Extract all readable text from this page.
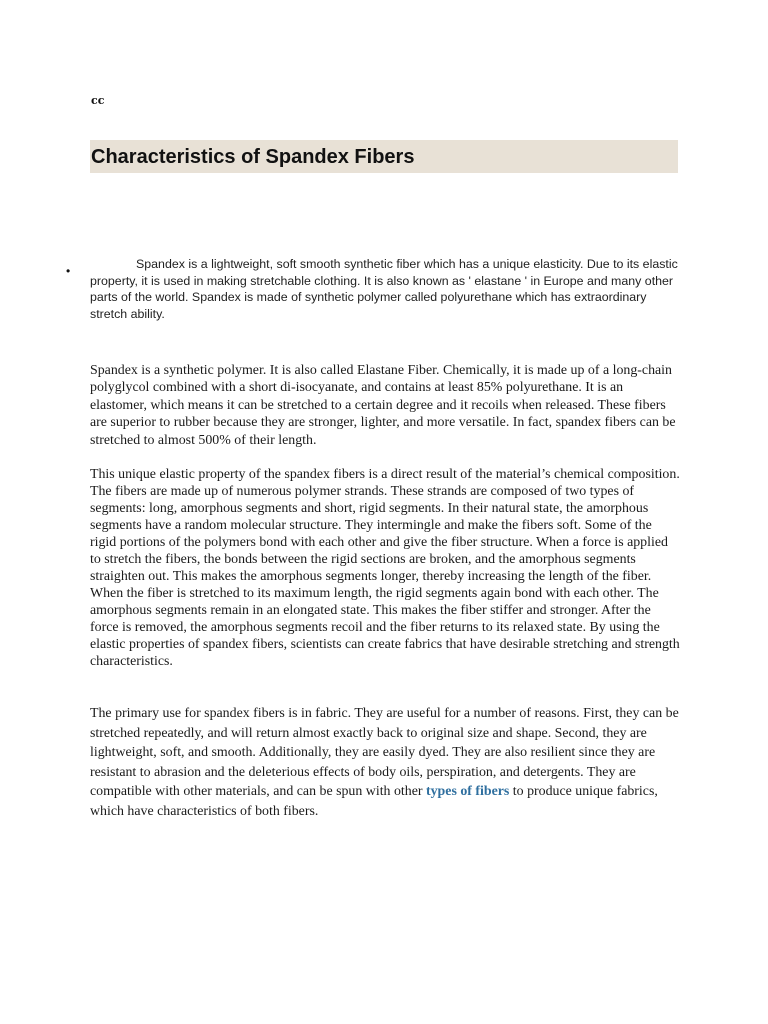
cc
Characteristics of Spandex Fibers
•	Spandex is a lightweight, soft smooth synthetic fiber which has a unique elasticity. Due to its elastic property, it is used in making stretchable clothing. It is also known as ' elastane ' in Europe and many other parts of the world. Spandex is made of synthetic polymer called polyurethane which has extraordinary stretch ability.

Spandex is a synthetic polymer. It is also called Elastane Fiber. Chemically, it is made up of a long-chain polyglycol combined with a short di-isocyanate, and contains at least 85% polyurethane. It is an elastomer, which means it can be stretched to a certain degree and it recoils when released. These fibers are superior to rubber because they are stronger, lighter, and more versatile. In fact, spandex fibers can be stretched to almost 500% of their length.

This unique elastic property of the spandex fibers is a direct result of the material’s chemical composition. The fibers are made up of numerous polymer strands. These strands are composed of two types of segments: long, amorphous segments and short, rigid segments. In their natural state, the amorphous segments have a random molecular structure. They intermingle and make the fibers soft. Some of the rigid portions of the polymers bond with each other and give the fiber structure. When a force is applied to stretch the fibers, the bonds between the rigid sections are broken, and the amorphous segments straighten out. This makes the amorphous segments longer, thereby increasing the length of the fiber. When the fiber is stretched to its maximum length, the rigid segments again bond with each other. The amorphous segments remain in an elongated state. This makes the fiber stiffer and stronger. After the force is removed, the amorphous segments recoil and the fiber returns to its relaxed state. By using the elastic properties of spandex fibers, scientists can create fabrics that have desirable stretching and strength characteristics.

The primary use for spandex fibers is in fabric. They are useful for a number of reasons. First, they can be stretched repeatedly, and will return almost exactly back to original size and shape. Second, they are lightweight, soft, and smooth. Additionally, they are easily dyed. They are also resilient since they are resistant to abrasion and the deleterious effects of body oils, perspiration, and detergents. They are compatible with other materials, and can be spun with other types of fibers to produce unique fabrics, which have characteristics of both fibers.
